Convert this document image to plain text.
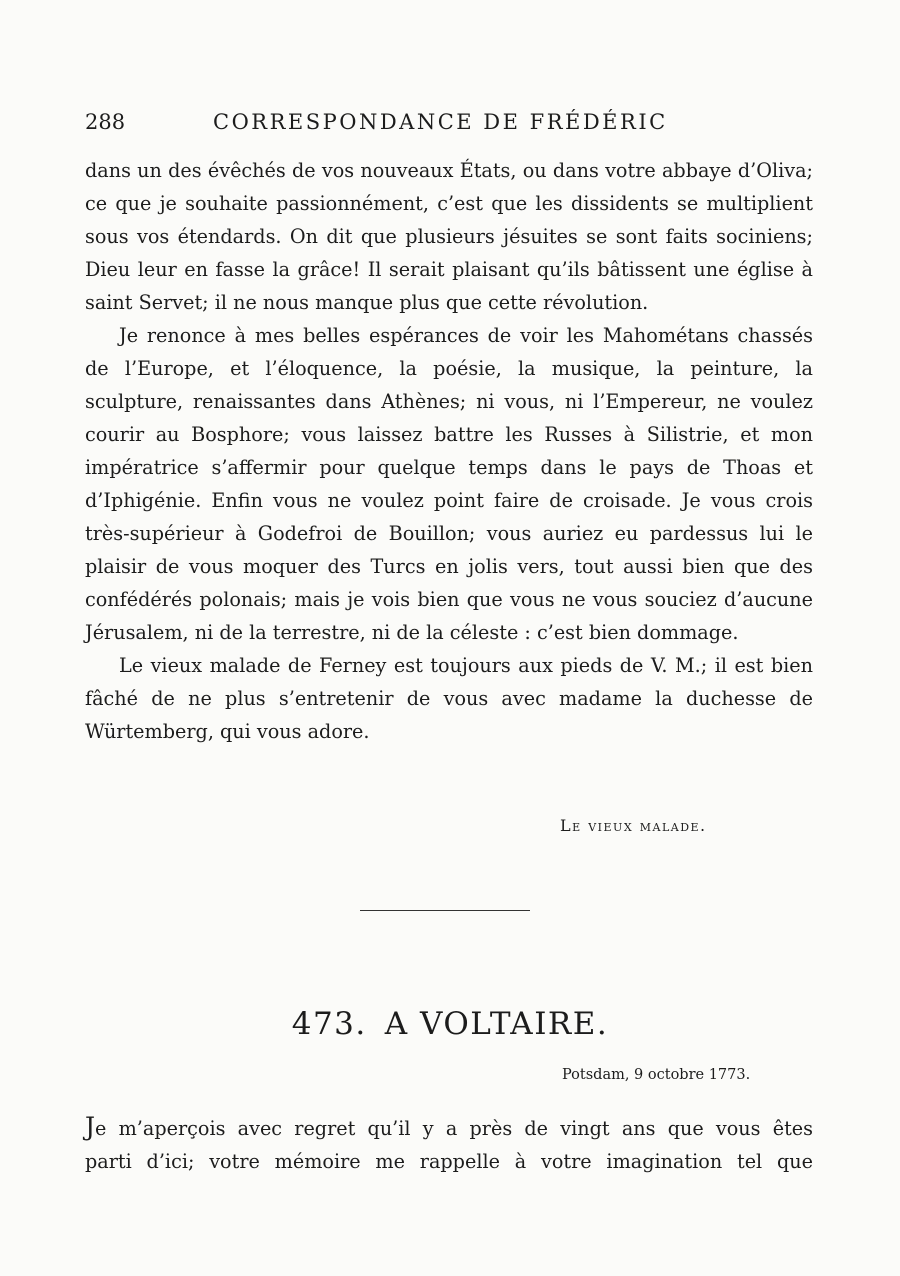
288	CORRESPONDANCE DE FRÉDÉRIC

dans un des évêchés de vos nouveaux États, ou dans votre abbaye d’Oliva; ce que je souhaite passionnément, c’est que les dissidents se multiplient sous vos étendards. On dit que plusieurs jésuites se sont faits sociniens; Dieu leur en fasse la grâce! Il serait plaisant qu’ils bâtissent une église à saint Servet; il ne nous manque plus que cette révolution.

Je renonce à mes belles espérances de voir les Mahométans chassés de l’Europe, et l’éloquence, la poésie, la musique, la peinture, la sculpture, renaissantes dans Athènes; ni vous, ni l’Empereur, ne voulez courir au Bosphore; vous laissez battre les Russes à Silistrie, et mon impératrice s’affermir pour quelque temps dans le pays de Thoas et d’Iphigénie. Enfin vous ne voulez point faire de croisade. Je vous crois très-supérieur à Godefroi de Bouillon; vous auriez eu pardessus lui le plaisir de vous moquer des Turcs en jolis vers, tout aussi bien que des confédérés polonais; mais je vois bien que vous ne vous souciez d’aucune Jérusalem, ni de la terrestre, ni de la céleste : c’est bien dommage.

Le vieux malade de Ferney est toujours aux pieds de V. M.; il est bien fâché de ne plus s’entretenir de vous avec madame la duchesse de Würtemberg, qui vous adore.

Le vieux malade.
473. A VOLTAIRE.
Potsdam, 9 octobre 1773.
Je m’aperçois avec regret qu’il y a près de vingt ans que vous êtes
parti d’ici; votre mémoire me rappelle à votre imagination tel que
